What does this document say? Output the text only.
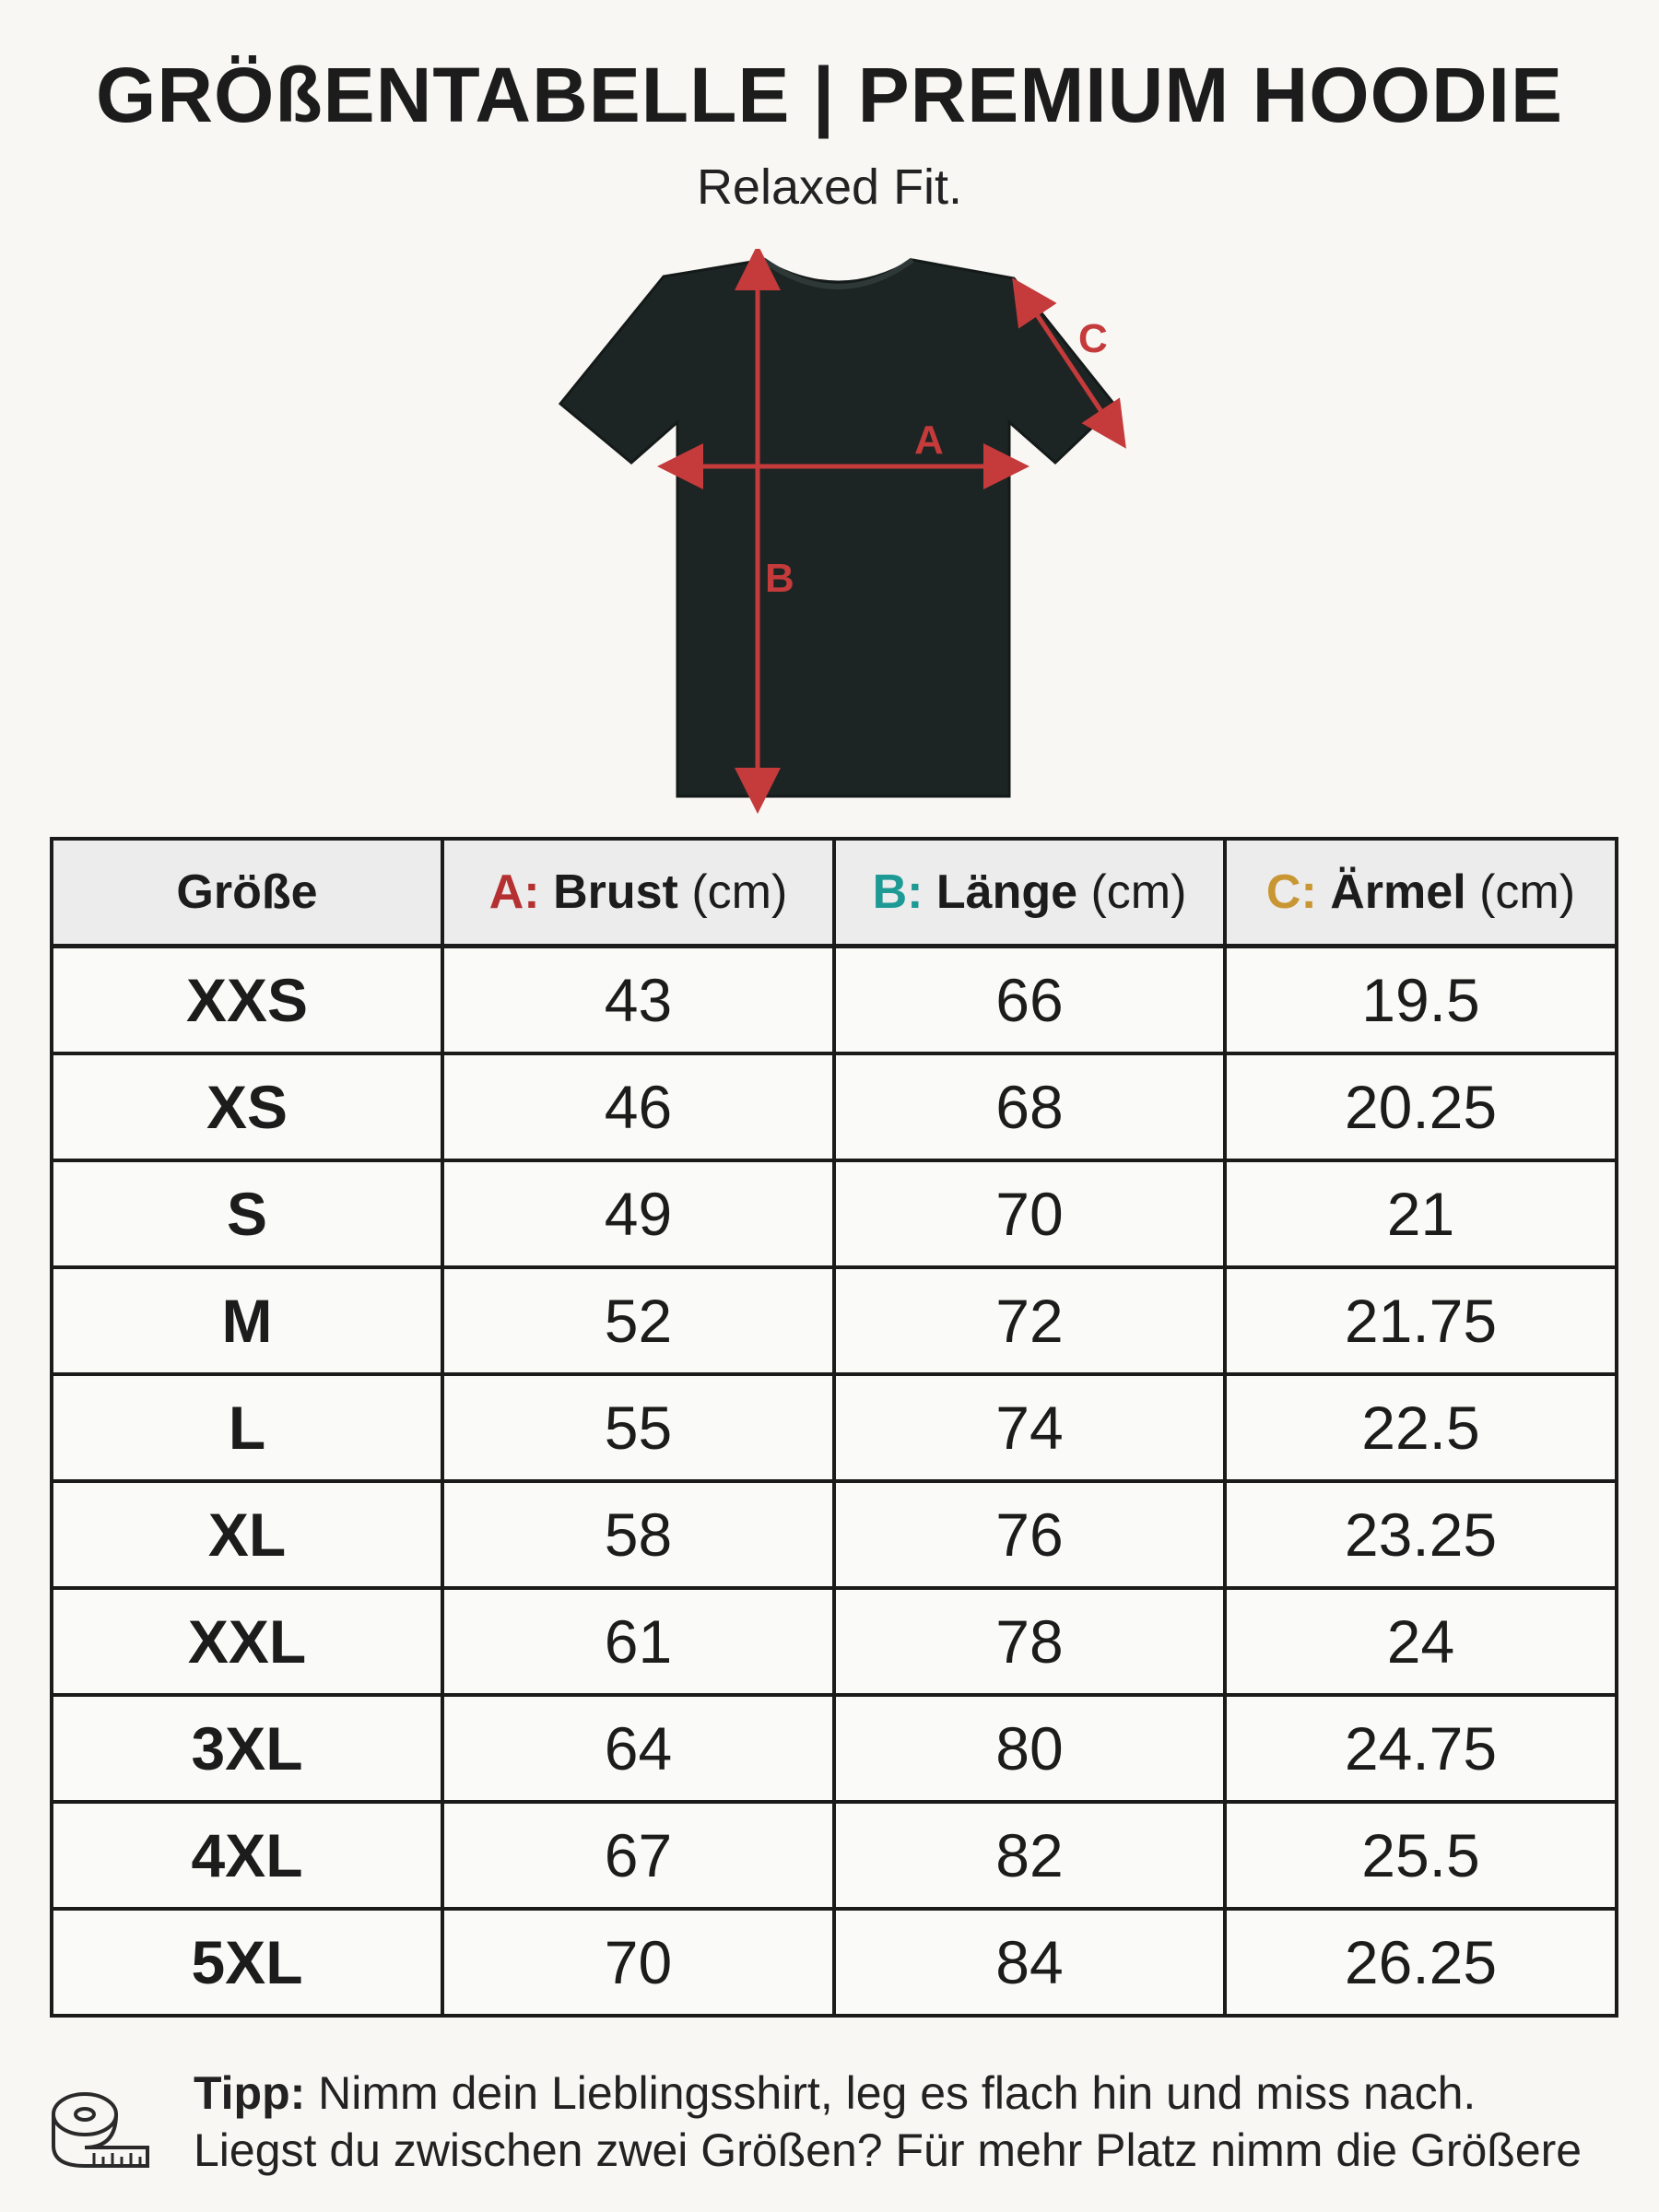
GRÖßENTABELLE | PREMIUM HOODIE
Relaxed Fit.
A
B
C
Größe	A: Brust (cm)	B: Länge (cm)	C: Ärmel (cm)
XXS	43	66	19.5
XS	46	68	20.25
S	49	70	21
M	52	72	21.75
L	55	74	22.5
XL	58	76	23.25
XXL	61	78	24
3XL	64	80	24.75
4XL	67	82	25.5
5XL	70	84	26.25
Tipp: Nimm dein Lieblingsshirt, leg es flach hin und miss nach.
Liegst du zwischen zwei Größen? Für mehr Platz nimm die Größere
